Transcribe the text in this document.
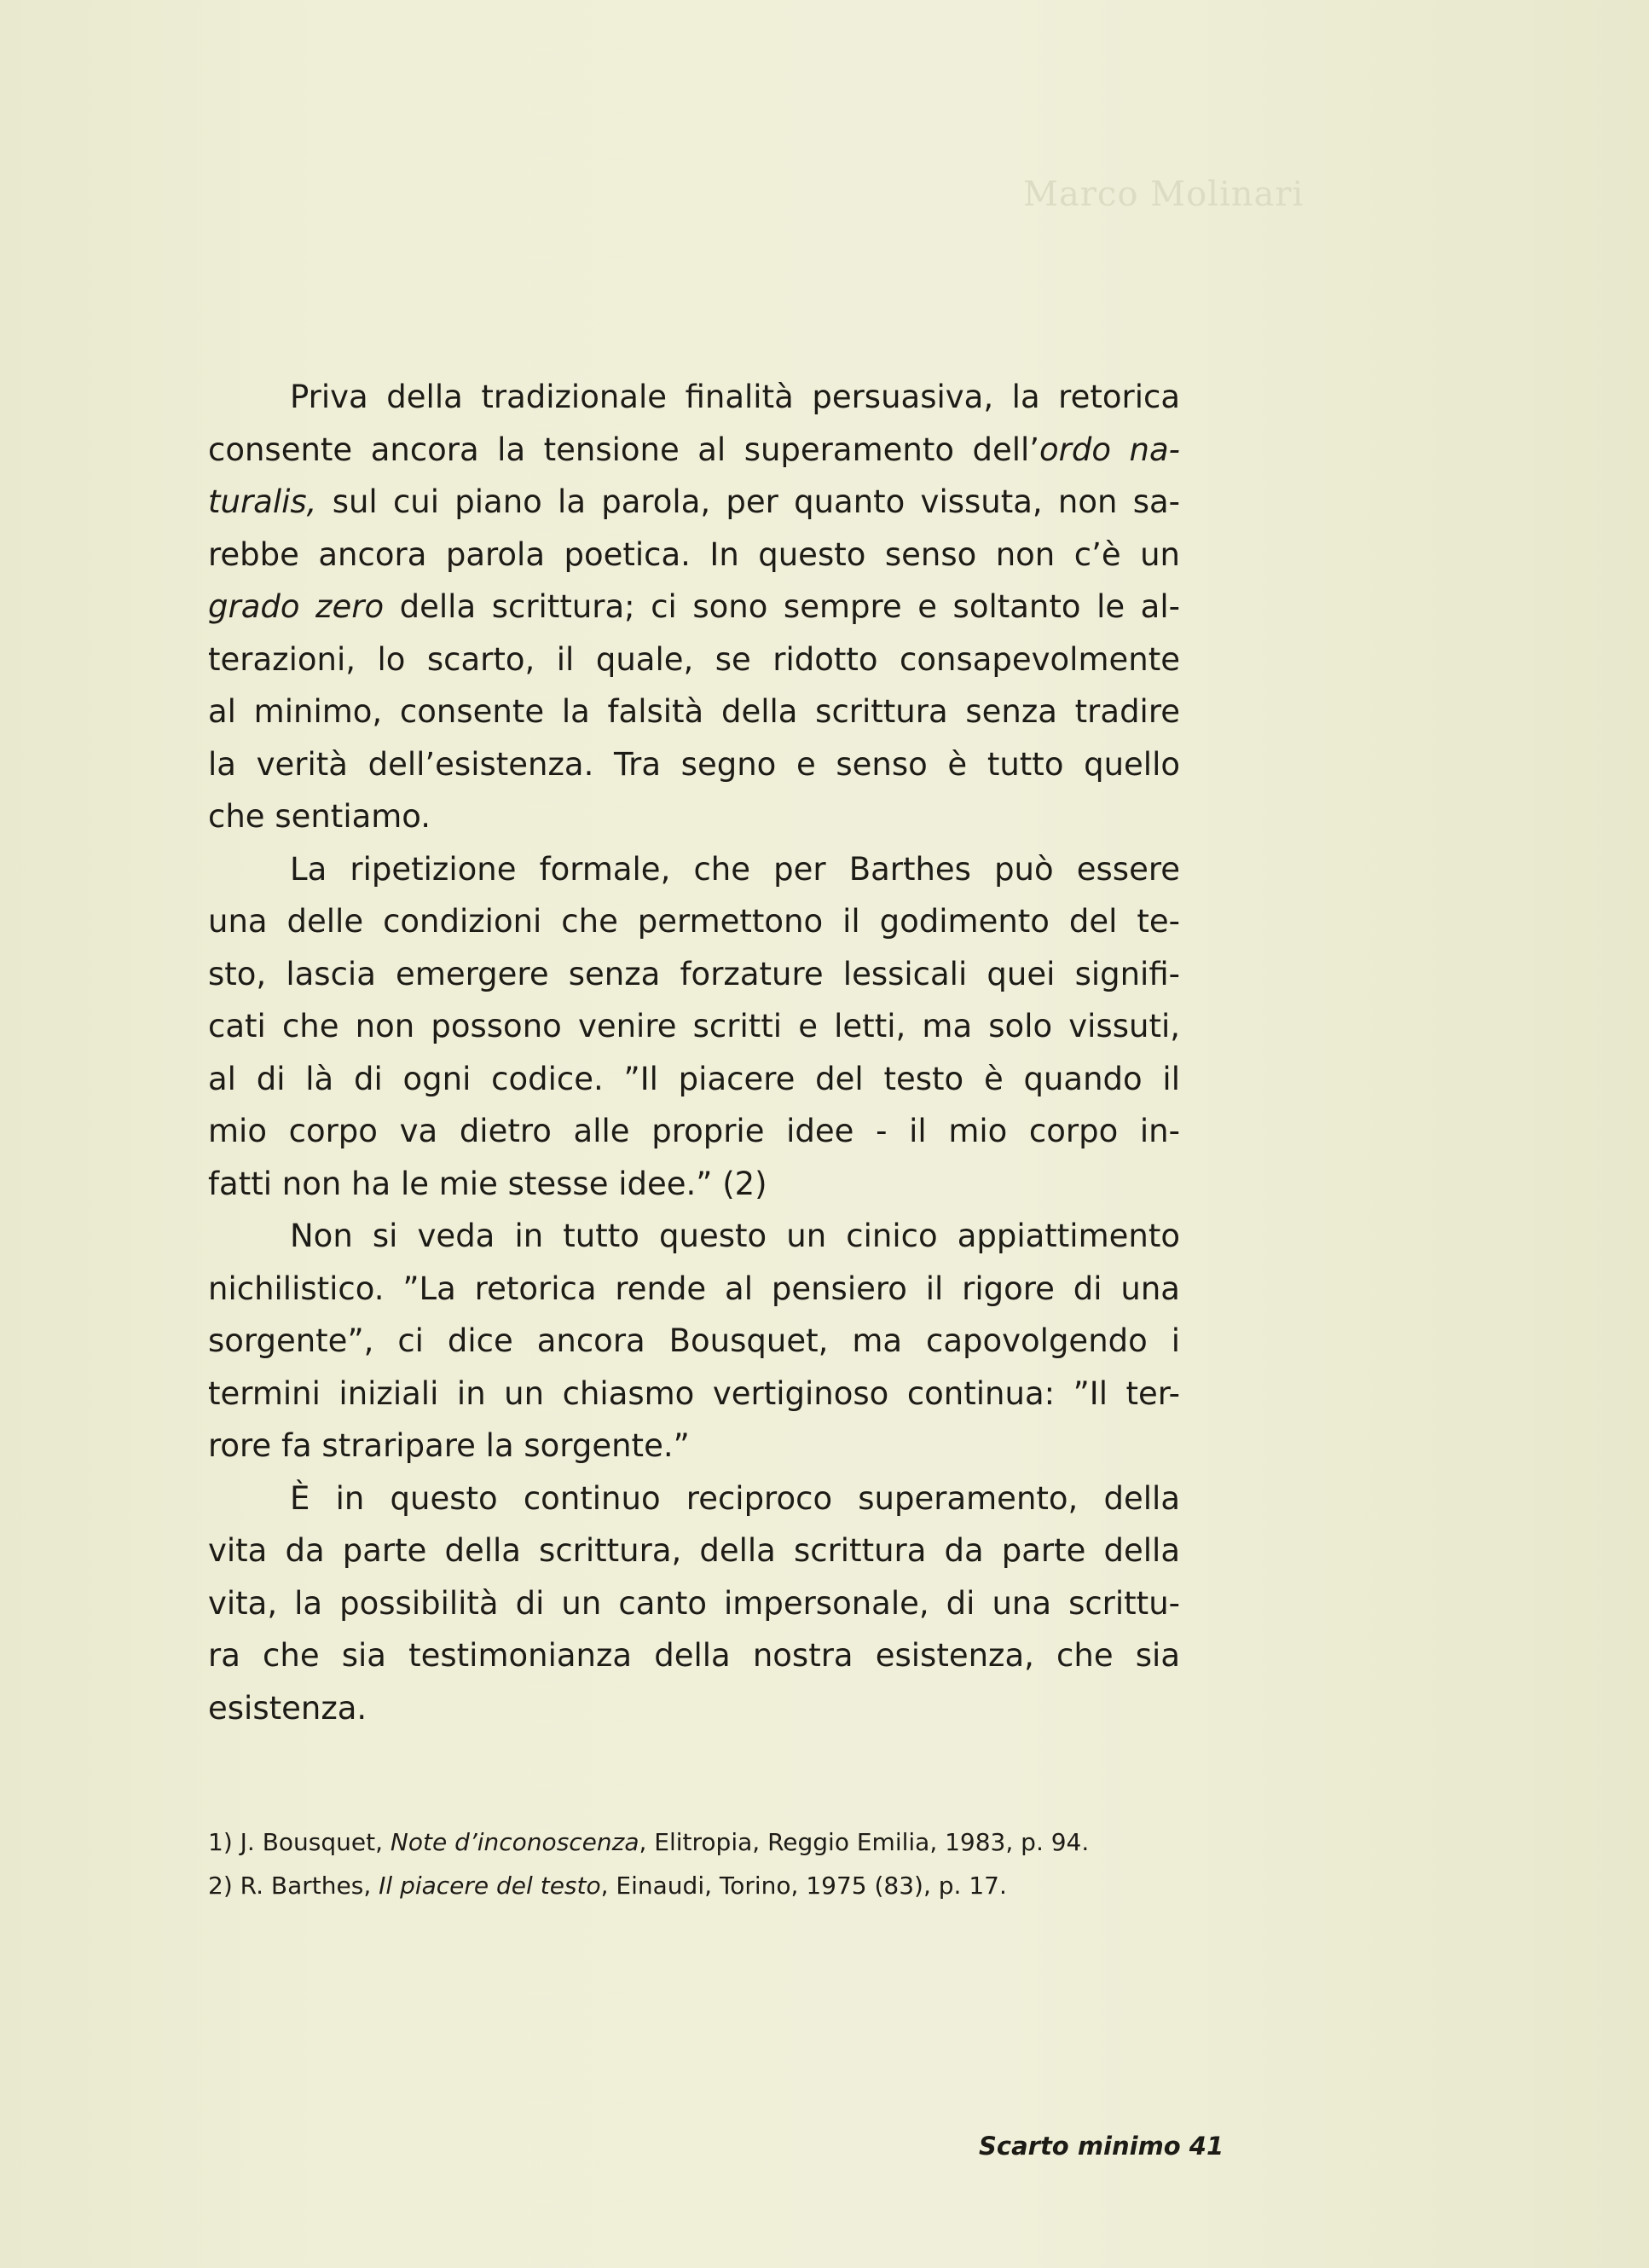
Marco Molinari
Priva della tradizionale finalità persuasiva, la retorica
consente ancora la tensione al superamento dell’ordo na-
turalis, sul cui piano la parola, per quanto vissuta, non sa-
rebbe ancora parola poetica. In questo senso non c’è un
grado zero della scrittura; ci sono sempre e soltanto le al-
terazioni, lo scarto, il quale, se ridotto consapevolmente
al minimo, consente la falsità della scrittura senza tradire
la verità dell’esistenza. Tra segno e senso è tutto quello
che sentiamo.
La ripetizione formale, che per Barthes può essere
una delle condizioni che permettono il godimento del te-
sto, lascia emergere senza forzature lessicali quei signifi-
cati che non possono venire scritti e letti, ma solo vissuti,
al di là di ogni codice. ”Il piacere del testo è quando il
mio corpo va dietro alle proprie idee - il mio corpo in-
fatti non ha le mie stesse idee.” (2)
Non si veda in tutto questo un cinico appiattimento
nichilistico. ”La retorica rende al pensiero il rigore di una
sorgente”, ci dice ancora Bousquet, ma capovolgendo i
termini iniziali in un chiasmo vertiginoso continua: ”Il ter-
rore fa straripare la sorgente.”
È in questo continuo reciproco superamento, della
vita da parte della scrittura, della scrittura da parte della
vita, la possibilità di un canto impersonale, di una scrittu-
ra che sia testimonianza della nostra esistenza, che sia
esistenza.
1) J. Bousquet, Note d’inconoscenza, Elitropia, Reggio Emilia, 1983, p. 94.
2) R. Barthes, Il piacere del testo, Einaudi, Torino, 1975 (83), p. 17.
Scarto minimo 41
